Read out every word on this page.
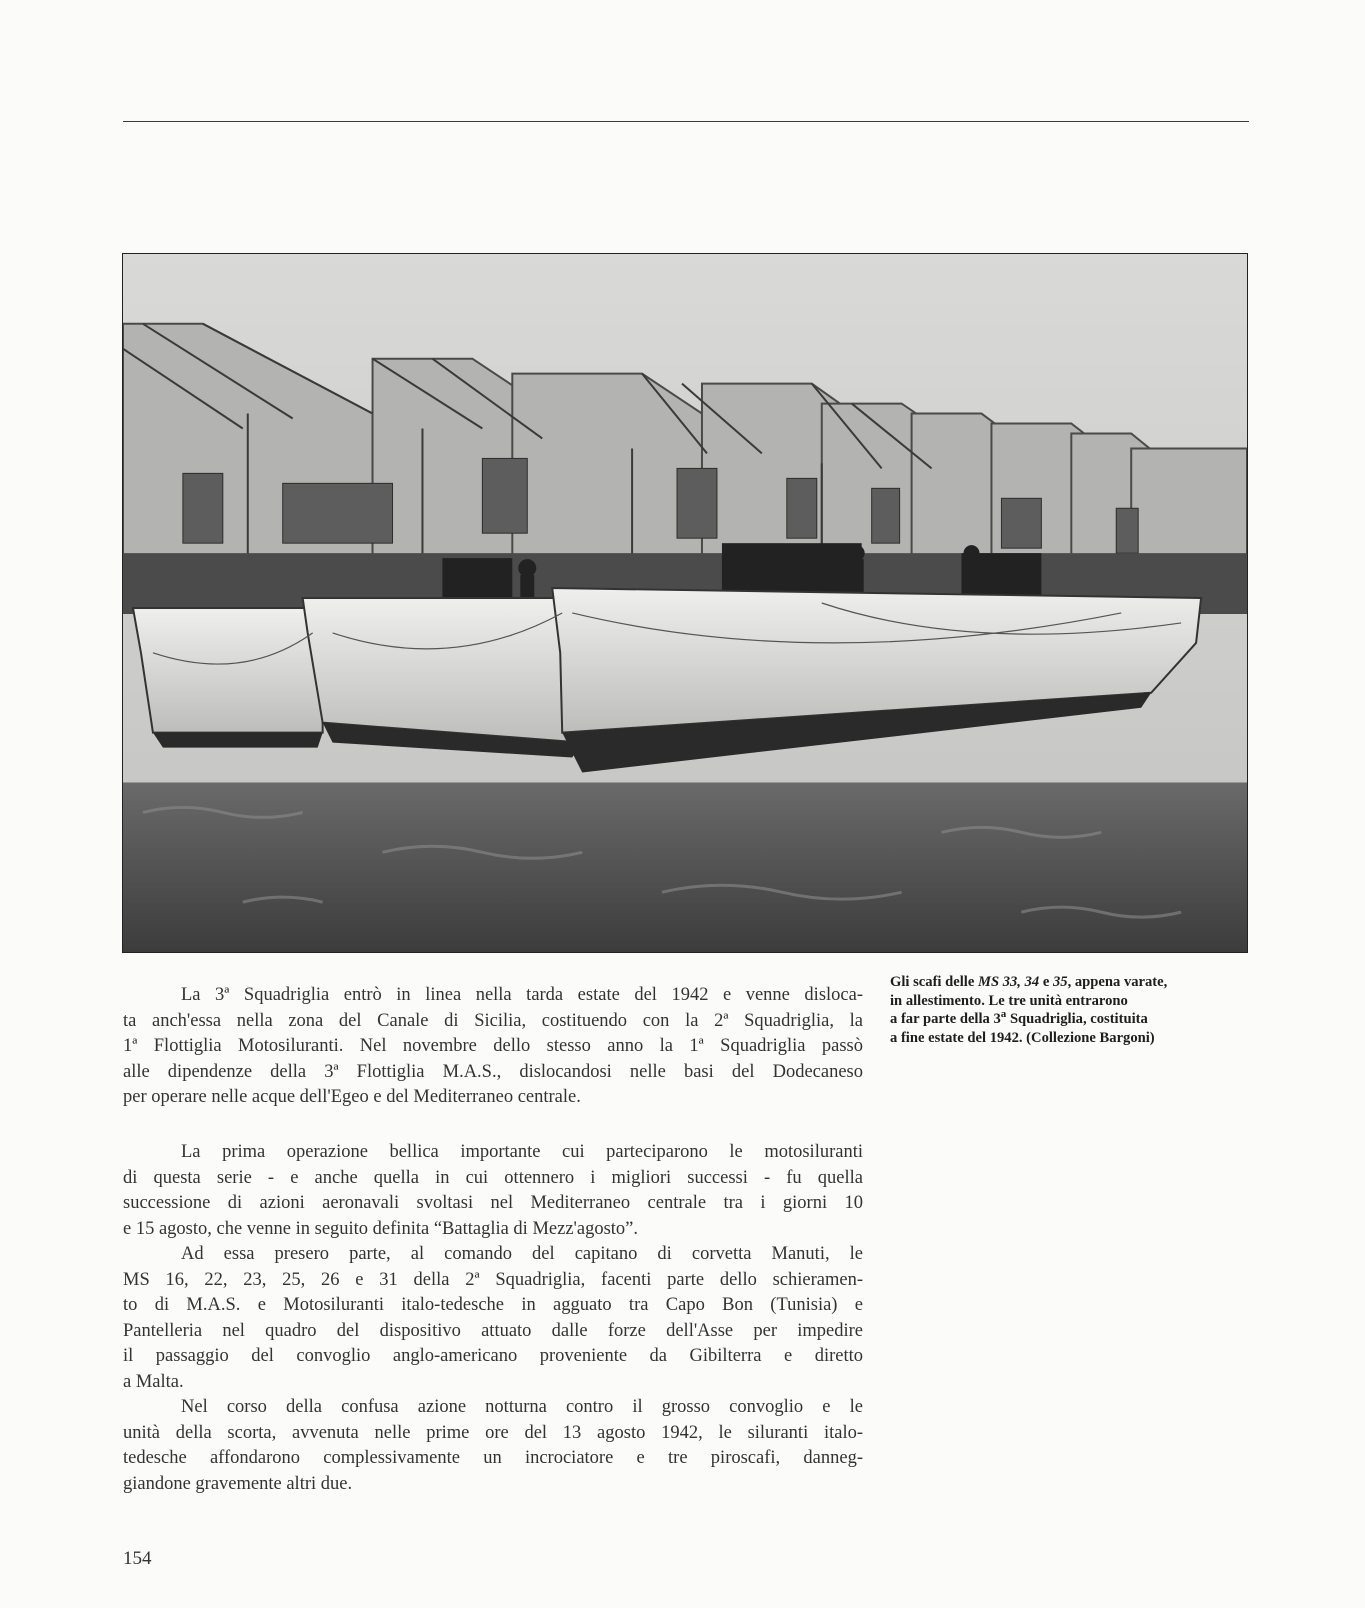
Gli scafi delle MS 33, 34 e 35, appena varate,
in allestimento. Le tre unità entrarono
a far parte della 3$^a$ Squadriglia, costituita
a fine estate del 1942. (Collezione Bargoni)
La 3ª Squadriglia entrò in linea nella tarda estate del 1942 e venne disloca-
ta anch'essa nella zona del Canale di Sicilia, costituendo con la 2ª Squadriglia, la
1ª Flottiglia Motosiluranti. Nel novembre dello stesso anno la 1ª Squadriglia passò
alle dipendenze della 3ª Flottiglia M.A.S., dislocandosi nelle basi del Dodecaneso
per operare nelle acque dell'Egeo e del Mediterraneo centrale.
La prima operazione bellica importante cui parteciparono le motosiluranti
di questa serie - e anche quella in cui ottennero i migliori successi - fu quella
successione di azioni aeronavali svoltasi nel Mediterraneo centrale tra i giorni 10
e 15 agosto, che venne in seguito definita “Battaglia di Mezz'agosto”.
Ad essa presero parte, al comando del capitano di corvetta Manuti, le
MS 16, 22, 23, 25, 26 e 31 della 2ª Squadriglia, facenti parte dello schieramen-
to di M.A.S. e Motosiluranti italo-tedesche in agguato tra Capo Bon (Tunisia) e
Pantelleria nel quadro del dispositivo attuato dalle forze dell'Asse per impedire
il passaggio del convoglio anglo-americano proveniente da Gibilterra e diretto
a Malta.
Nel corso della confusa azione notturna contro il grosso convoglio e le
unità della scorta, avvenuta nelle prime ore del 13 agosto 1942, le siluranti italo-
tedesche affondarono complessivamente un incrociatore e tre piroscafi, danneg-
giandone gravemente altri due.
154
